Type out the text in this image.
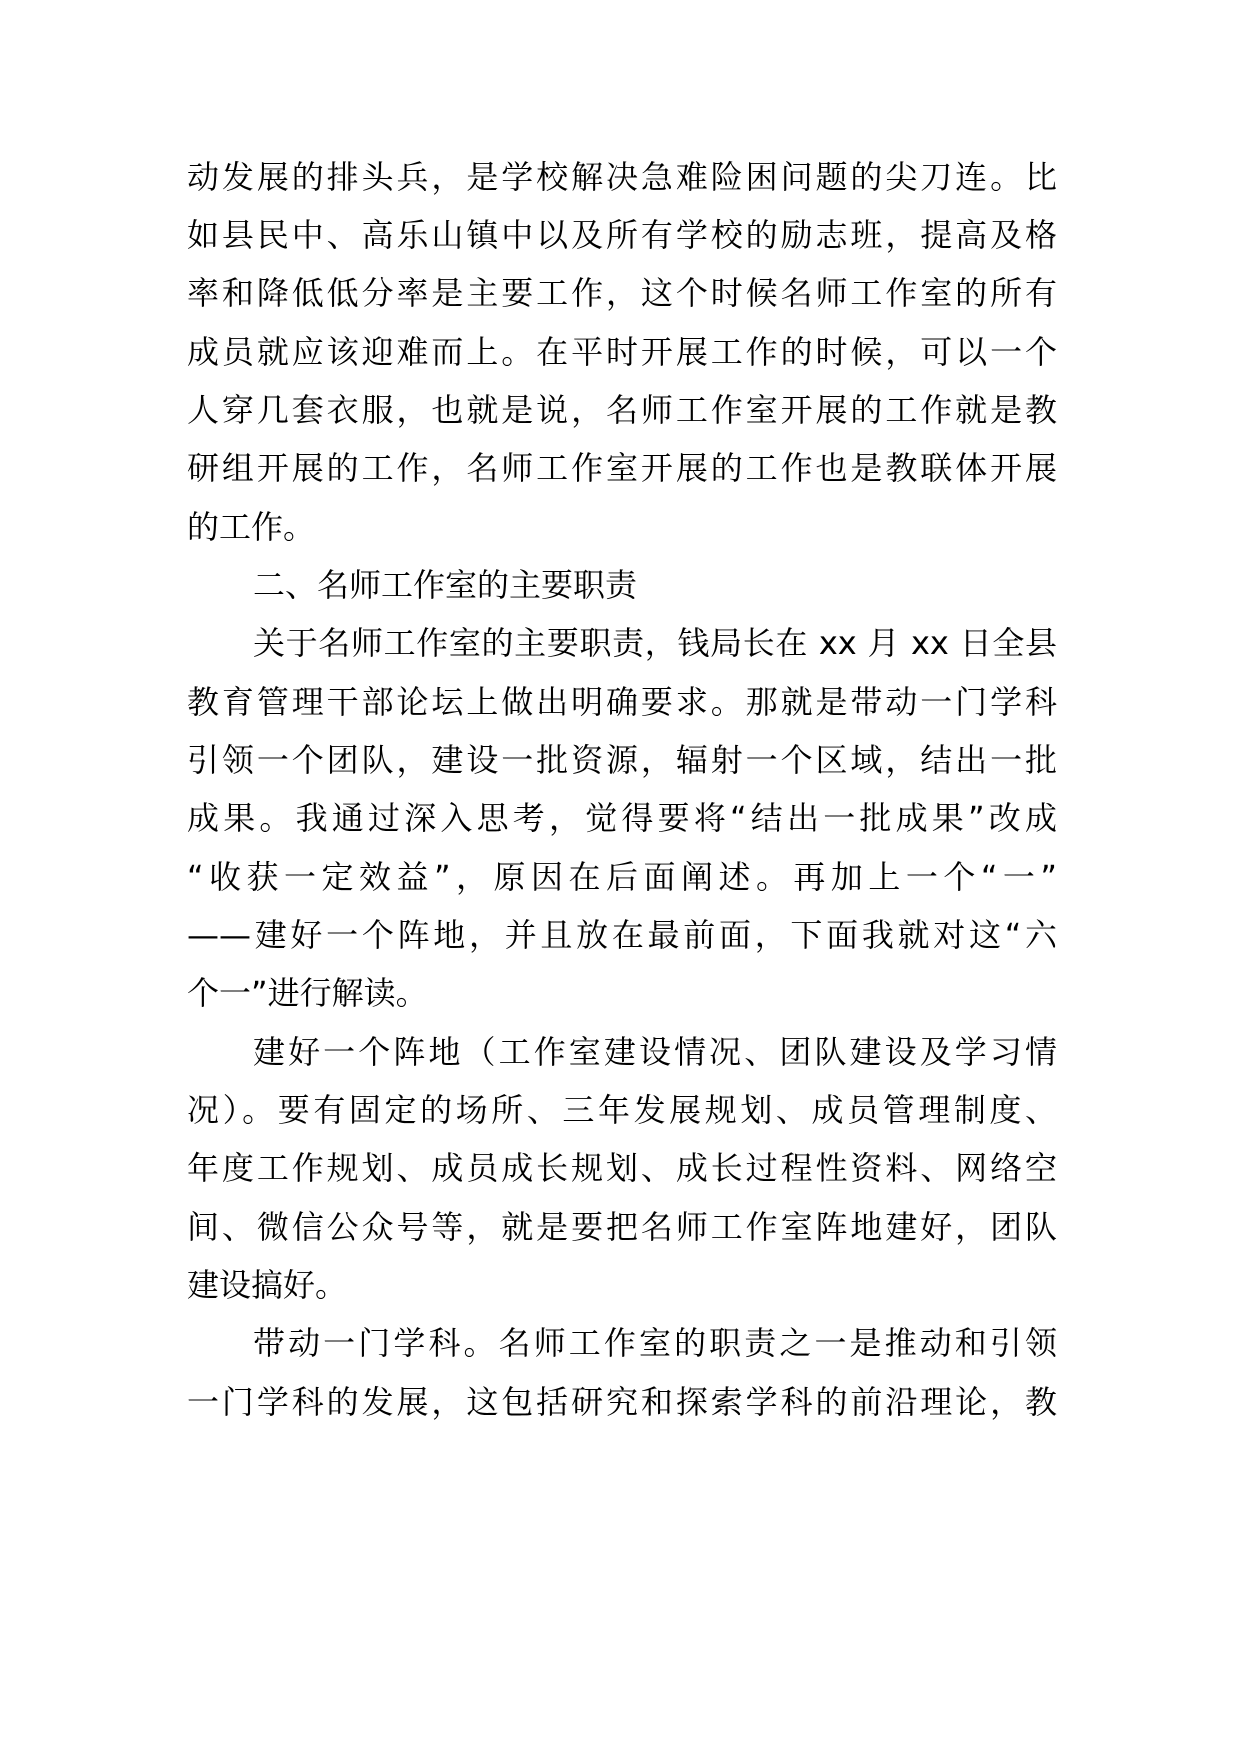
动发展的排头兵，是学校解决急难险困问题的尖刀连。比
如县民中、高乐山镇中以及所有学校的励志班，提高及格
率和降低低分率是主要工作，这个时候名师工作室的所有
成员就应该迎难而上。在平时开展工作的时候，可以一个
人穿几套衣服，也就是说，名师工作室开展的工作就是教
研组开展的工作，名师工作室开展的工作也是教联体开展
的工作。
二、名师工作室的主要职责
关于名师工作室的主要职责，钱局长在 xx 月 xx 日全县
教育管理干部论坛上做出明确要求。那就是带动一门学科
引领一个团队，建设一批资源，辐射一个区域，结出一批
成果。我通过深入思考，觉得要将“结出一批成果”改成
“收获一定效益”，原因在后面阐述。再加上一个“一”
——建好一个阵地，并且放在最前面，下面我就对这“六
个一”进行解读。
建好一个阵地（工作室建设情况、团队建设及学习情
况）。要有固定的场所、三年发展规划、成员管理制度、
年度工作规划、成员成长规划、成长过程性资料、网络空
间、微信公众号等，就是要把名师工作室阵地建好，团队
建设搞好。
带动一门学科。名师工作室的职责之一是推动和引领
一门学科的发展，这包括研究和探索学科的前沿理论，教
